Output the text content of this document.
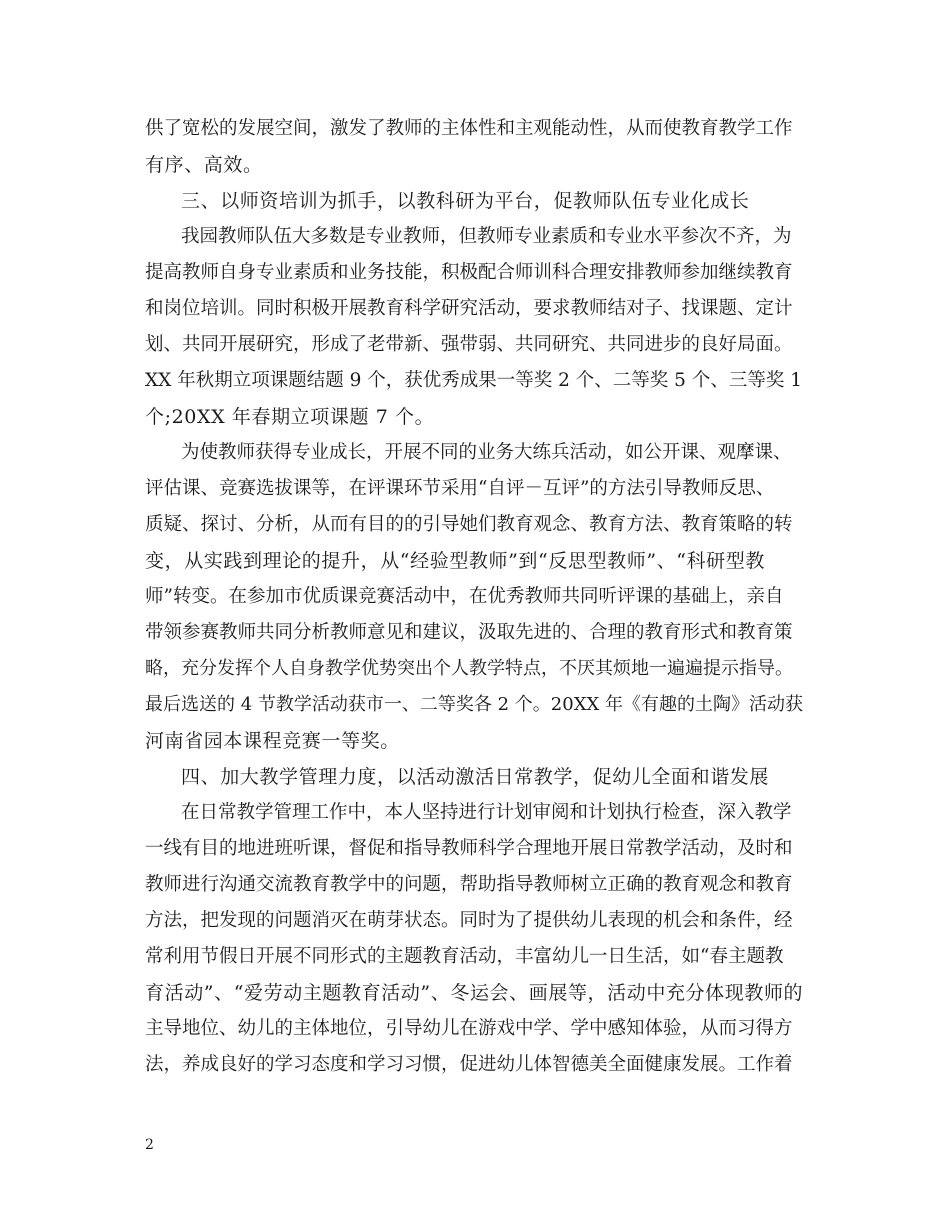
供了宽松的发展空间，激发了教师的主体性和主观能动性，从而使教育教学工作
有序、高效。
三、以师资培训为抓手，以教科研为平台，促教师队伍专业化成长
我园教师队伍大多数是专业教师，但教师专业素质和专业水平参次不齐，为
提高教师自身专业素质和业务技能，积极配合师训科合理安排教师参加继续教育
和岗位培训。同时积极开展教育科学研究活动，要求教师结对子、找课题、定计
划、共同开展研究，形成了老带新、强带弱、共同研究、共同进步的良好局面。
XX 年秋期立项课题结题 9 个，获优秀成果一等奖 2 个、二等奖 5 个、三等奖 1
个;20XX 年春期立项课题 7 个。
为使教师获得专业成长，开展不同的业务大练兵活动，如公开课、观摩课、
评估课、竞赛选拔课等，在评课环节采用“自评－互评”的方法引导教师反思、
质疑、探讨、分析，从而有目的的引导她们教育观念、教育方法、教育策略的转
变，从实践到理论的提升，从“经验型教师”到“反思型教师”、“科研型教
师”转变。在参加市优质课竞赛活动中，在优秀教师共同听评课的基础上，亲自
带领参赛教师共同分析教师意见和建议，汲取先进的、合理的教育形式和教育策
略，充分发挥个人自身教学优势突出个人教学特点，不厌其烦地一遍遍提示指导。
最后选送的 4 节教学活动获市一、二等奖各 2 个。20XX 年《有趣的土陶》活动获
河南省园本课程竞赛一等奖。
四、加大教学管理力度，以活动激活日常教学，促幼儿全面和谐发展
在日常教学管理工作中，本人坚持进行计划审阅和计划执行检查，深入教学
一线有目的地进班听课，督促和指导教师科学合理地开展日常教学活动，及时和
教师进行沟通交流教育教学中的问题，帮助指导教师树立正确的教育观念和教育
方法，把发现的问题消灭在萌芽状态。同时为了提供幼儿表现的机会和条件，经
常利用节假日开展不同形式的主题教育活动，丰富幼儿一日生活，如“春主题教
育活动”、“爱劳动主题教育活动”、冬运会、画展等，活动中充分体现教师的
主导地位、幼儿的主体地位，引导幼儿在游戏中学、学中感知体验，从而习得方
法，养成良好的学习态度和学习习惯，促进幼儿体智德美全面健康发展。工作着
2
